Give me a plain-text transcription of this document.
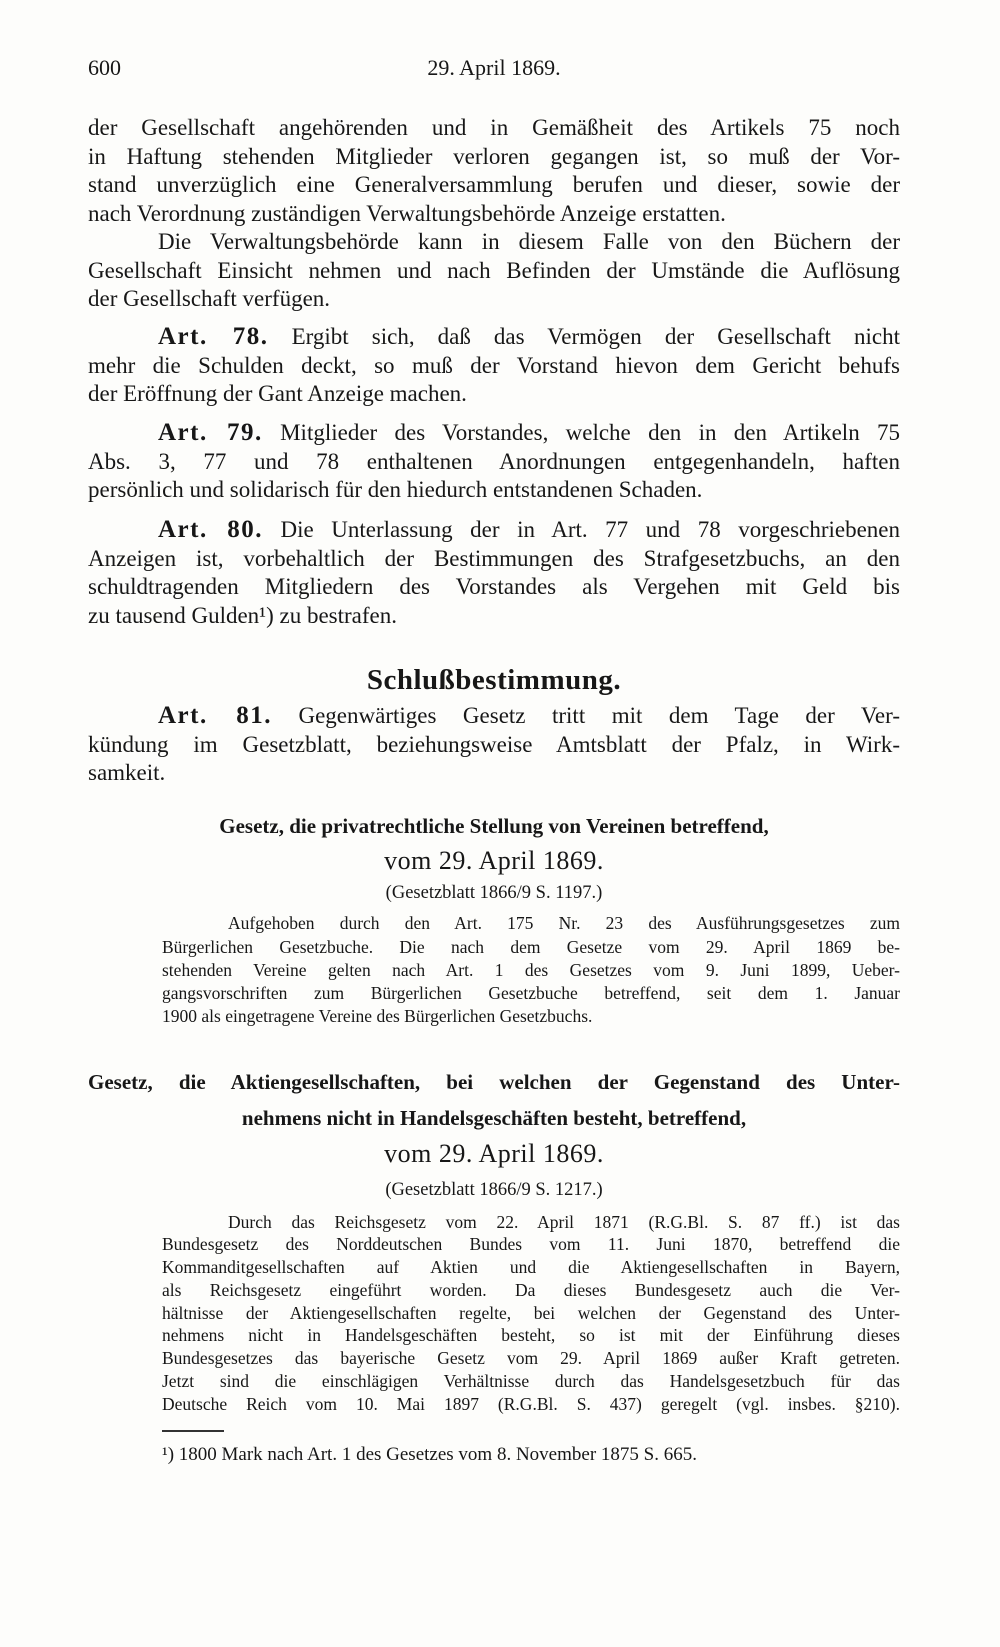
600	29. April 1869.
der Gesellschaft angehörenden und in Gemäßheit des Artikels 75 noch
in Haftung stehenden Mitglieder verloren gegangen ist, so muß der Vor-
stand unverzüglich eine Generalversammlung berufen und dieser, sowie der
nach Verordnung zuständigen Verwaltungsbehörde Anzeige erstatten.
Die Verwaltungsbehörde kann in diesem Falle von den Büchern der
Gesellschaft Einsicht nehmen und nach Befinden der Umstände die Auflösung
der Gesellschaft verfügen.
Art. 78. Ergibt sich, daß das Vermögen der Gesellschaft nicht
mehr die Schulden deckt, so muß der Vorstand hievon dem Gericht behufs
der Eröffnung der Gant Anzeige machen.
Art. 79. Mitglieder des Vorstandes, welche den in den Artikeln 75
Abs. 3, 77 und 78 enthaltenen Anordnungen entgegenhandeln, haften
persönlich und solidarisch für den hiedurch entstandenen Schaden.
Art. 80. Die Unterlassung der in Art. 77 und 78 vorgeschriebenen
Anzeigen ist, vorbehaltlich der Bestimmungen des Strafgesetzbuchs, an den
schuldtragenden Mitgliedern des Vorstandes als Vergehen mit Geld bis
zu tausend Gulden¹) zu bestrafen.
Schlußbestimmung.
Art. 81. Gegenwärtiges Gesetz tritt mit dem Tage der Ver-
kündung im Gesetzblatt, beziehungsweise Amtsblatt der Pfalz, in Wirk-
samkeit.
Gesetz, die privatrechtliche Stellung von Vereinen betreffend,
vom 29. April 1869.
(Gesetzblatt 1866/9 S. 1197.)
Aufgehoben durch den Art. 175 Nr. 23 des Ausführungsgesetzes zum
Bürgerlichen Gesetzbuche. Die nach dem Gesetze vom 29. April 1869 be-
stehenden Vereine gelten nach Art. 1 des Gesetzes vom 9. Juni 1899, Ueber-
gangsvorschriften zum Bürgerlichen Gesetzbuche betreffend, seit dem 1. Januar
1900 als eingetragene Vereine des Bürgerlichen Gesetzbuchs.
Gesetz, die Aktiengesellschaften, bei welchen der Gegenstand des Unter-
nehmens nicht in Handelsgeschäften besteht, betreffend,
vom 29. April 1869.
(Gesetzblatt 1866/9 S. 1217.)
Durch das Reichsgesetz vom 22. April 1871 (R.G.Bl. S. 87 ff.) ist das
Bundesgesetz des Norddeutschen Bundes vom 11. Juni 1870, betreffend die
Kommanditgesellschaften auf Aktien und die Aktiengesellschaften in Bayern,
als Reichsgesetz eingeführt worden. Da dieses Bundesgesetz auch die Ver-
hältnisse der Aktiengesellschaften regelte, bei welchen der Gegenstand des Unter-
nehmens nicht in Handelsgeschäften besteht, so ist mit der Einführung dieses
Bundesgesetzes das bayerische Gesetz vom 29. April 1869 außer Kraft getreten.
Jetzt sind die einschlägigen Verhältnisse durch das Handelsgesetzbuch für das
Deutsche Reich vom 10. Mai 1897 (R.G.Bl. S. 437) geregelt (vgl. insbes. §210).
¹) 1800 Mark nach Art. 1 des Gesetzes vom 8. November 1875 S. 665.
